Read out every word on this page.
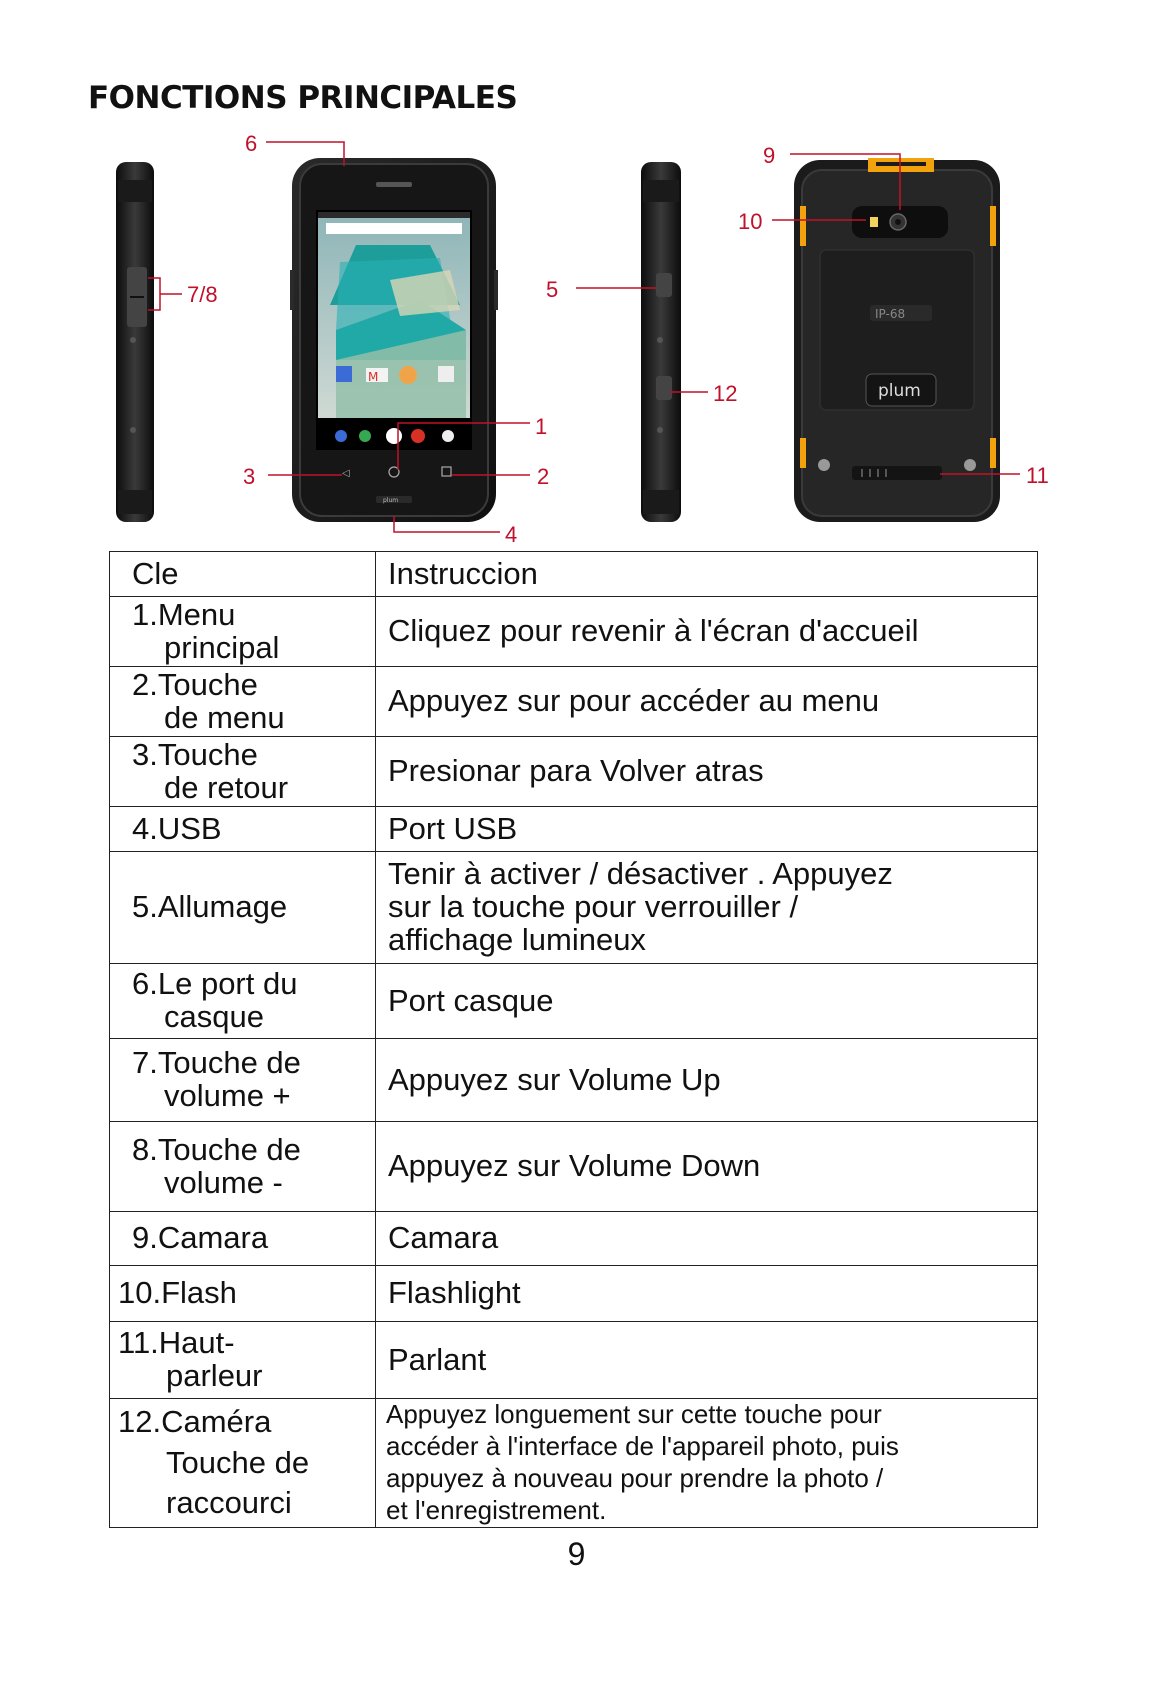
FONCTIONS PRINCIPALES
M
◁
plum
IP-68
plum
6
7/8
3
1
2
4
5
12
9
10
11
Cle	Instruccion
1.Menu
principal	Cliquez pour revenir à l'écran d'accueil
2.Touche
de menu	Appuyez sur pour accéder au menu
3.Touche
de retour	Presionar para Volver atras
4.USB	Port USB
5.Allumage	Tenir à activer / désactiver . Appuyez
sur la touche pour verrouiller /
affichage lumineux

6.Le port du
casque	Port casque
7.Touche de
volume +	Appuyez sur Volume Up
8.Touche de
volume -	Appuyez sur Volume Down
9.Camara	Camara
10.Flash	Flashlight
11.Haut-
parleur	Parlant
12.Caméra
Touche de
raccourci	Appuyez longuement sur cette touche pour
accéder à l'interface de l'appareil photo, puis
appuyez à nouveau pour prendre la photo /
et l'enregistrement.
9
